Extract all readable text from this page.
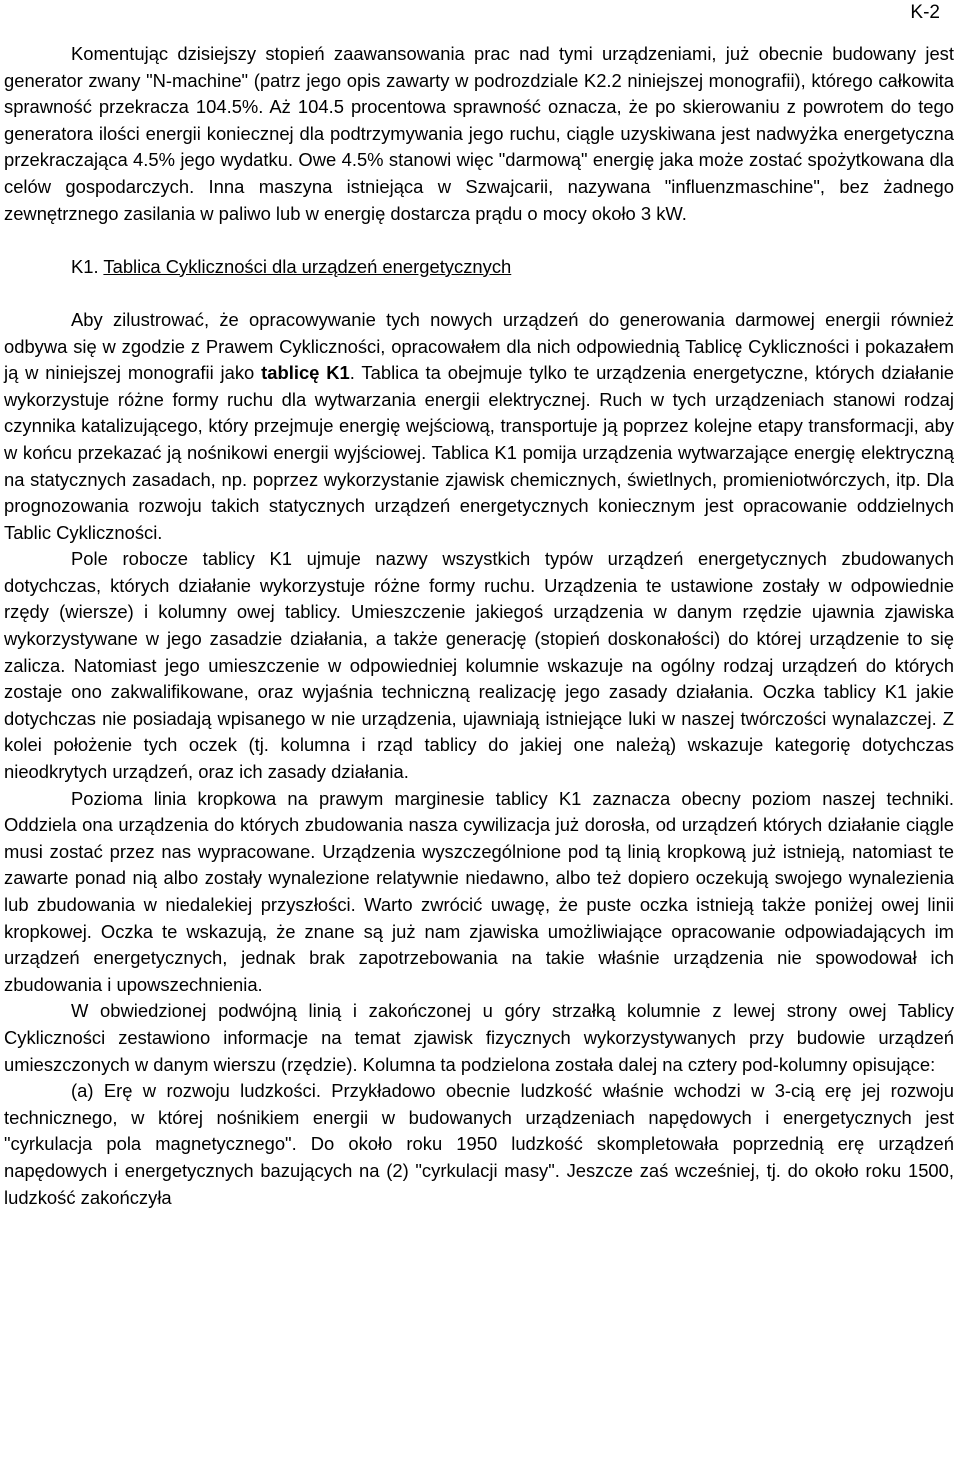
K-2

Komentując dzisiejszy stopień zaawansowania prac nad tymi urządzeniami, już obecnie budowany jest generator zwany "N-machine" (patrz jego opis zawarty w podrozdziale K2.2 niniejszej monografii), którego całkowita sprawność przekracza 104.5%. Aż 104.5 procentowa sprawność oznacza, że po skierowaniu z powrotem do tego generatora ilości energii koniecznej dla podtrzymywania jego ruchu, ciągle uzyskiwana jest nadwyżka energetyczna przekraczająca 4.5% jego wydatku. Owe 4.5% stanowi więc "darmową" energię jaka może zostać spożytkowana dla celów gospodarczych. Inna maszyna istniejąca w Szwajcarii, nazywana "influenzmaschine", bez żadnego zewnętrznego zasilania w paliwo lub w energię dostarcza prądu o mocy około 3 kW.

K1. Tablica Cykliczności dla urządzeń energetycznych

Aby zilustrować, że opracowywanie tych nowych urządzeń do generowania darmowej energii również odbywa się w zgodzie z Prawem Cykliczności, opracowałem dla nich odpowiednią Tablicę Cykliczności i pokazałem ją w niniejszej monografii jako tablicę K1. Tablica ta obejmuje tylko te urządzenia energetyczne, których działanie wykorzystuje różne formy ruchu dla wytwarzania energii elektrycznej. Ruch w tych urządzeniach stanowi rodzaj czynnika katalizującego, który przejmuje energię wejściową, transportuje ją poprzez kolejne etapy transformacji, aby w końcu przekazać ją nośnikowi energii wyjściowej. Tablica K1 pomija urządzenia wytwarzające energię elektryczną na statycznych zasadach, np. poprzez wykorzystanie zjawisk chemicznych, świetlnych, promieniotwórczych, itp. Dla prognozowania rozwoju takich statycznych urządzeń energetycznych koniecznym jest opracowanie oddzielnych Tablic Cykliczności.

Pole robocze tablicy K1 ujmuje nazwy wszystkich typów urządzeń energetycznych zbudowanych dotychczas, których działanie wykorzystuje różne formy ruchu. Urządzenia te ustawione zostały w odpowiednie rzędy (wiersze) i kolumny owej tablicy. Umieszczenie jakiegoś urządzenia w danym rzędzie ujawnia zjawiska wykorzystywane w jego zasadzie działania, a także generację (stopień doskonałości) do której urządzenie to się zalicza. Natomiast jego umieszczenie w odpowiedniej kolumnie wskazuje na ogólny rodzaj urządzeń do których zostaje ono zakwalifikowane, oraz wyjaśnia techniczną realizację jego zasady działania. Oczka tablicy K1 jakie dotychczas nie posiadają wpisanego w nie urządzenia, ujawniają istniejące luki w naszej twórczości wynalazczej. Z kolei położenie tych oczek (tj. kolumna i rząd tablicy do jakiej one należą) wskazuje kategorię dotychczas nieodkrytych urządzeń, oraz ich zasady działania.

Pozioma linia kropkowa na prawym marginesie tablicy K1 zaznacza obecny poziom naszej techniki. Oddziela ona urządzenia do których zbudowania nasza cywilizacja już dorosła, od urządzeń których działanie ciągle musi zostać przez nas wypracowane. Urządzenia wyszczególnione pod tą linią kropkową już istnieją, natomiast te zawarte ponad nią albo zostały wynalezione relatywnie niedawno, albo też dopiero oczekują swojego wynalezienia lub zbudowania w niedalekiej przyszłości. Warto zwrócić uwagę, że puste oczka istnieją także poniżej owej linii kropkowej. Oczka te wskazują, że znane są już nam zjawiska umożliwiające opracowanie odpowiadających im urządzeń energetycznych, jednak brak zapotrzebowania na takie właśnie urządzenia nie spowodował ich zbudowania i upowszechnienia.

W obwiedzionej podwójną linią i zakończonej u góry strzałką kolumnie z lewej strony owej Tablicy Cykliczności zestawiono informacje na temat zjawisk fizycznych wykorzystywanych przy budowie urządzeń umieszczonych w danym wierszu (rzędzie). Kolumna ta podzielona została dalej na cztery pod-kolumny opisujące:

(a) Erę w rozwoju ludzkości. Przykładowo obecnie ludzkość właśnie wchodzi w 3-cią erę jej rozwoju technicznego, w której nośnikiem energii w budowanych urządzeniach napędowych i energetycznych jest "cyrkulacja pola magnetycznego". Do około roku 1950 ludzkość skompletowała poprzednią erę urządzeń napędowych i energetycznych bazujących na (2) "cyrkulacji masy". Jeszcze zaś wcześniej, tj. do około roku 1500, ludzkość zakończyła
